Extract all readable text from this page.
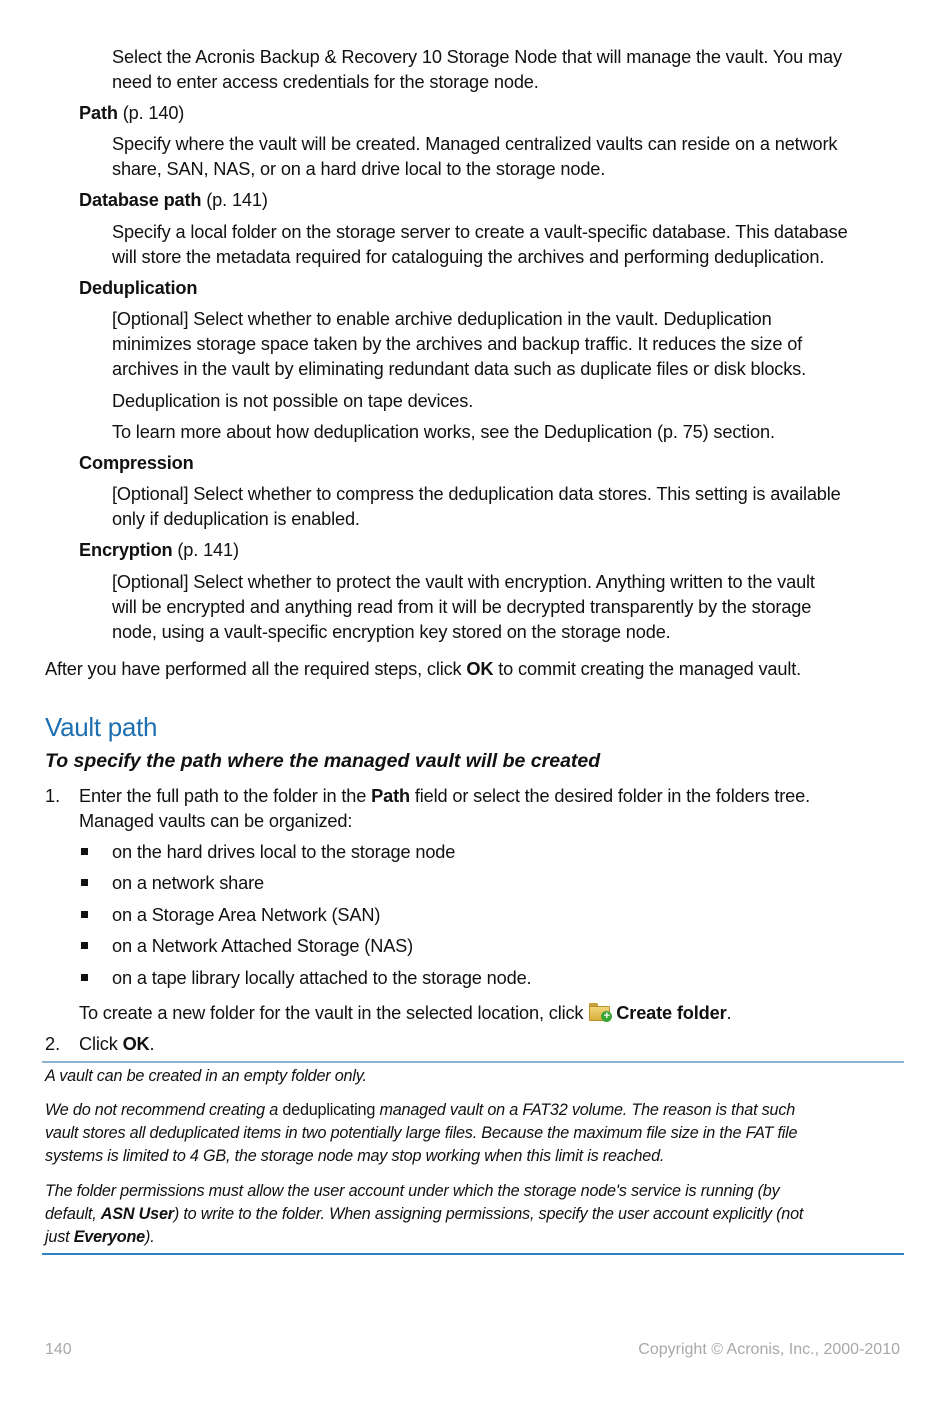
Select the Acronis Backup & Recovery 10 Storage Node that will manage the vault. You may
need to enter access credentials for the storage node.
Path (p. 140)
Specify where the vault will be created. Managed centralized vaults can reside on a network
share, SAN, NAS, or on a hard drive local to the storage node.
Database path (p. 141)
Specify a local folder on the storage server to create a vault-specific database. This database
will store the metadata required for cataloguing the archives and performing deduplication.
Deduplication
[Optional] Select whether to enable archive deduplication in the vault. Deduplication
minimizes storage space taken by the archives and backup traffic. It reduces the size of
archives in the vault by eliminating redundant data such as duplicate files or disk blocks.
Deduplication is not possible on tape devices.
To learn more about how deduplication works, see the Deduplication (p. 75) section.
Compression
[Optional] Select whether to compress the deduplication data stores. This setting is available
only if deduplication is enabled.
Encryption (p. 141)
[Optional] Select whether to protect the vault with encryption. Anything written to the vault
will be encrypted and anything read from it will be decrypted transparently by the storage
node, using a vault-specific encryption key stored on the storage node.
After you have performed all the required steps, click OK to commit creating the managed vault.
Vault path
To specify the path where the managed vault will be created
1. Enter the full path to the folder in the Path field or select the desired folder in the folders tree.
Managed vaults can be organized:
on the hard drives local to the storage node
on a network share
on a Storage Area Network (SAN)
on a Network Attached Storage (NAS)
on a tape library locally attached to the storage node.
To create a new folder for the vault in the selected location, click + Create folder.
2. Click OK.
A vault can be created in an empty folder only.
We do not recommend creating a deduplicating managed vault on a FAT32 volume. The reason is that such
vault stores all deduplicated items in two potentially large files. Because the maximum file size in the FAT file
systems is limited to 4 GB, the storage node may stop working when this limit is reached.
The folder permissions must allow the user account under which the storage node's service is running (by
default, ASN User) to write to the folder. When assigning permissions, specify the user account explicitly (not
just Everyone).
140	Copyright © Acronis, Inc., 2000-2010
